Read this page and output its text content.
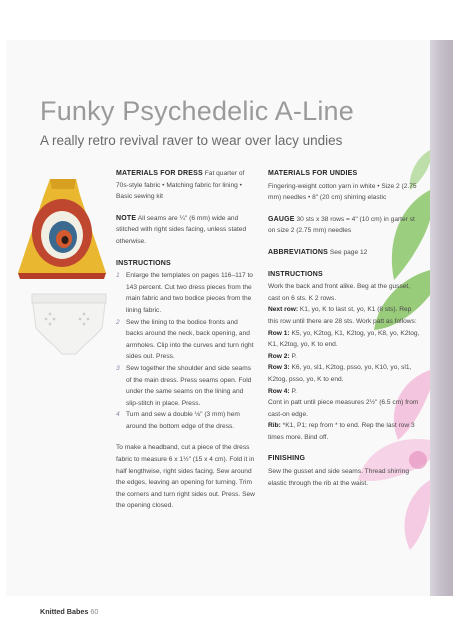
Funky Psychedelic A-Line
A really retro revival raver to wear over lacy undies

MATERIALS FOR DRESS Fat quarter of 70s-style fabric • Matching fabric for lining • Basic sewing kit

NOTE All seams are ¼" (6 mm) wide and stitched with right sides facing, unless stated otherwise.

INSTRUCTIONS

1 Enlarge the templates on pages 116–117 to 143 percent. Cut two dress pieces from the main fabric and two bodice pieces from the lining fabric.
2 Sew the lining to the bodice fronts and backs around the neck, back opening, and armholes. Clip into the curves and turn right sides out. Press.
3 Sew together the shoulder and side seams of the main dress. Press seams open. Fold under the same seams on the lining and slip-stitch in place. Press.
4 Turn and sew a double ⅛" (3 mm) hem around the bottom edge of the dress.

To make a headband, cut a piece of the dress fabric to measure 6 x 1½" (15 x 4 cm). Fold it in half lengthwise, right sides facing. Sew around the edges, leaving an opening for turning. Trim the corners and turn right sides out. Press. Sew the opening closed.

MATERIALS FOR UNDIES

Fingering-weight cotton yarn in white • Size 2 (2.75 mm) needles • 8" (20 cm) shirring elastic

GAUGE 30 sts x 38 rows = 4" (10 cm) in garter st on size 2 (2.75 mm) needles

ABBREVIATIONS See page 12

INSTRUCTIONS

Work the back and front alike. Beg at the gusset, cast on 6 sts. K 2 rows.

Next row: K1, yo, K to last st, yo, K1 (8 sts). Rep this row until there are 28 sts. Work patt as follows:

Row 1: K5, yo, K2tog, K1, K2tog, yo, K8, yo, K2tog, K1, K2tog, yo, K to end.

Row 2: P.

Row 3: K6, yo, sl1, K2tog, psso, yo, K10, yo, sl1, K2tog, psso, yo, K to end.

Row 4: P.

Cont in patt until piece measures 2½" (6.5 cm) from cast-on edge.

Rib: *K1, P1; rep from * to end. Rep the last row 3 times more. Bind off.

FINISHING

Sew the gusset and side seams. Thread shirring elastic through the rib at the waist.

Knitted Babes 60
